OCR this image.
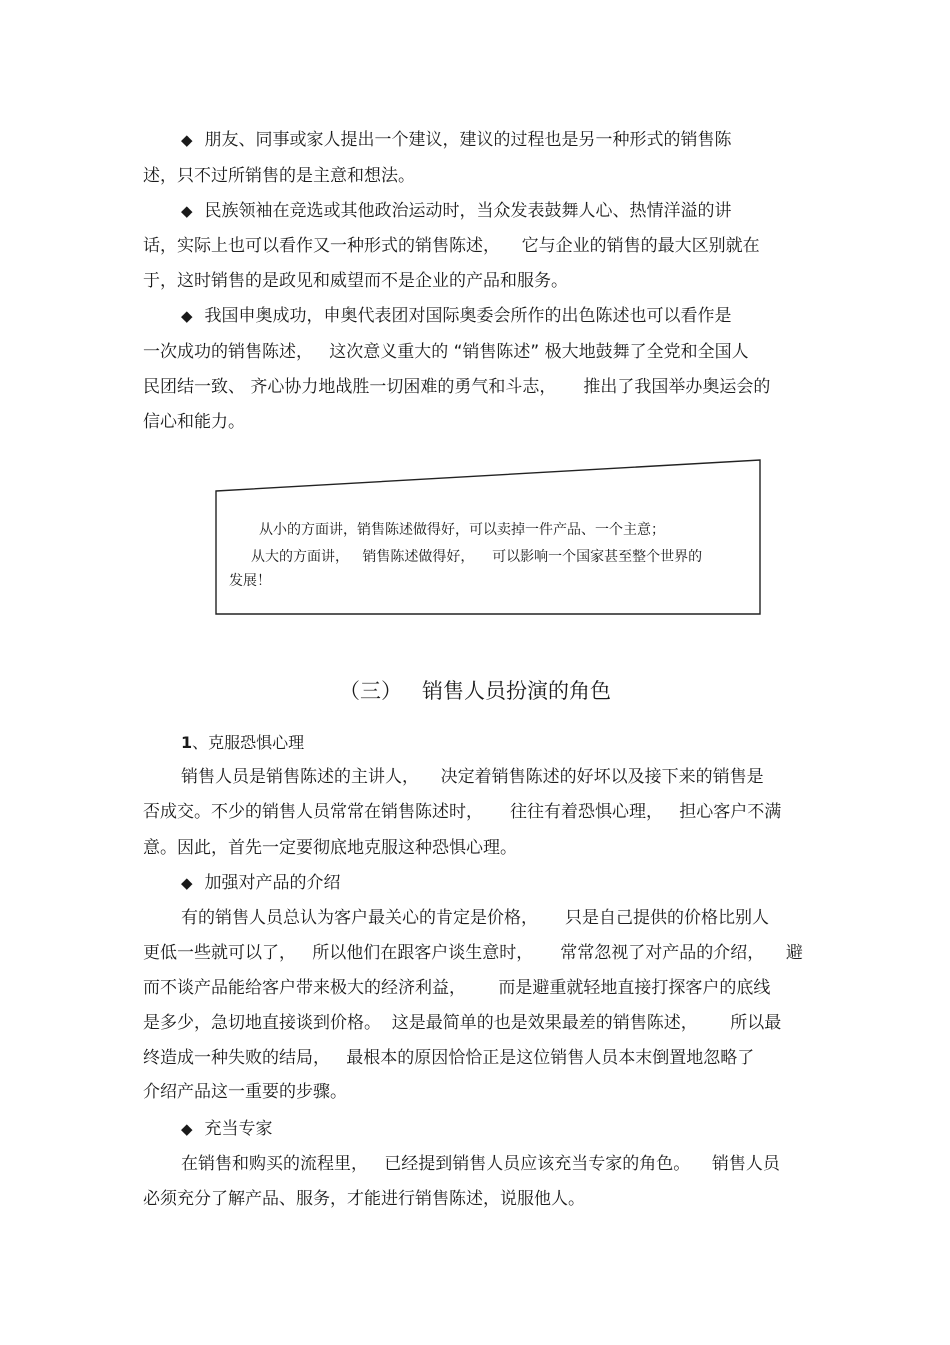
◆ 朋友、同事或家人提出一个建议，建议的过程也是另一种形式的销售陈
述，只不过所销售的是主意和想法。
◆ 民族领袖在竞选或其他政治运动时，当众发表鼓舞人心、热情洋溢的讲
话，实际上也可以看作又一种形式的销售陈述，    它与企业的销售的最大区别就在
于，这时销售的是政见和威望而不是企业的产品和服务。
◆ 我国申奥成功，申奥代表团对国际奥委会所作的出色陈述也可以看作是
一次成功的销售陈述，   这次意义重大的 “销售陈述” 极大地鼓舞了全党和全国人
民团结一致、 齐心协力地战胜一切困难的勇气和斗志，     推出了我国举办奥运会的
信心和能力。
从小的方面讲，销售陈述做得好，可以卖掉一件产品、一个主意；
从大的方面讲，   销售陈述做得好，    可以影响一个国家甚至整个世界的
发展！
（三）   销售人员扮演的角色
1、克服恐惧心理
销售人员是销售陈述的主讲人，    决定着销售陈述的好坏以及接下来的销售是
否成交。不少的销售人员常常在销售陈述时，     往往有着恐惧心理，   担心客户不满
意。因此，首先一定要彻底地克服这种恐惧心理。
◆ 加强对产品的介绍
有的销售人员总认为客户最关心的肯定是价格，     只是自己提供的价格比别人
更低一些就可以了，   所以他们在跟客户谈生意时，     常常忽视了对产品的介绍，    避
而不谈产品能给客户带来极大的经济利益，      而是避重就轻地直接打探客户的底线
是多少，急切地直接谈到价格。  这是最简单的也是效果最差的销售陈述，      所以最
终造成一种失败的结局，   最根本的原因恰恰正是这位销售人员本末倒置地忽略了
介绍产品这一重要的步骤。
◆ 充当专家
在销售和购买的流程里，   已经提到销售人员应该充当专家的角色。    销售人员
必须充分了解产品、服务，才能进行销售陈述，说服他人。
